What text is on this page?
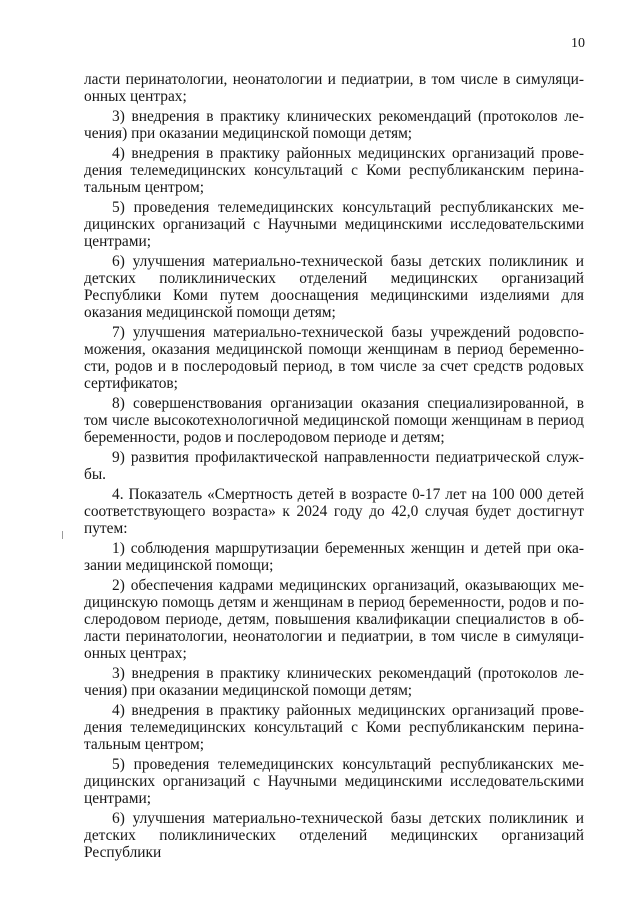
10

ласти перинатологии, неонатологии и педиатрии, в том числе в симуляционных центрах;

3) внедрения в практику клинических рекомендаций (протоколов лечения) при оказании медицинской помощи детям;

4) внедрения в практику районных медицинских организаций проведения телемедицинских консультаций с Коми республиканским перинатальным центром;

5) проведения телемедицинских консультаций республиканских медицинских организаций с Научными медицинскими исследовательскими центрами;

6) улучшения материально-технической базы детских поликлиник и детских поликлинических отделений медицинских организаций Республики Коми путем дооснащения медицинскими изделиями для оказания медицинской помощи детям;

7) улучшения материально-технической базы учреждений родовспоможения, оказания медицинской помощи женщинам в период беременности, родов и в послеродовый период, в том числе за счет средств родовых сертификатов;

8) совершенствования организации оказания специализированной, в том числе высокотехнологичной медицинской помощи женщинам в период беременности, родов и послеродовом периоде и детям;

9) развития профилактической направленности педиатрической службы.

4. Показатель «Смертность детей в возрасте 0-17 лет на 100 000 детей соответствующего возраста» к 2024 году до 42,0 случая будет достигнут путем:

1) соблюдения маршрутизации беременных женщин и детей при оказании медицинской помощи;

2) обеспечения кадрами медицинских организаций, оказывающих медицинскую помощь детям и женщинам в период беременности, родов и послеродовом периоде, детям, повышения квалификации специалистов в области перинатологии, неонатологии и педиатрии, в том числе в симуляционных центрах;

3) внедрения в практику клинических рекомендаций (протоколов лечения) при оказании медицинской помощи детям;

4) внедрения в практику районных медицинских организаций проведения телемедицинских консультаций с Коми республиканским перинатальным центром;

5) проведения телемедицинских консультаций республиканских медицинских организаций с Научными медицинскими исследовательскими центрами;

6) улучшения материально-технической базы детских поликлиник и детских поликлинических отделений медицинских организаций Республики
